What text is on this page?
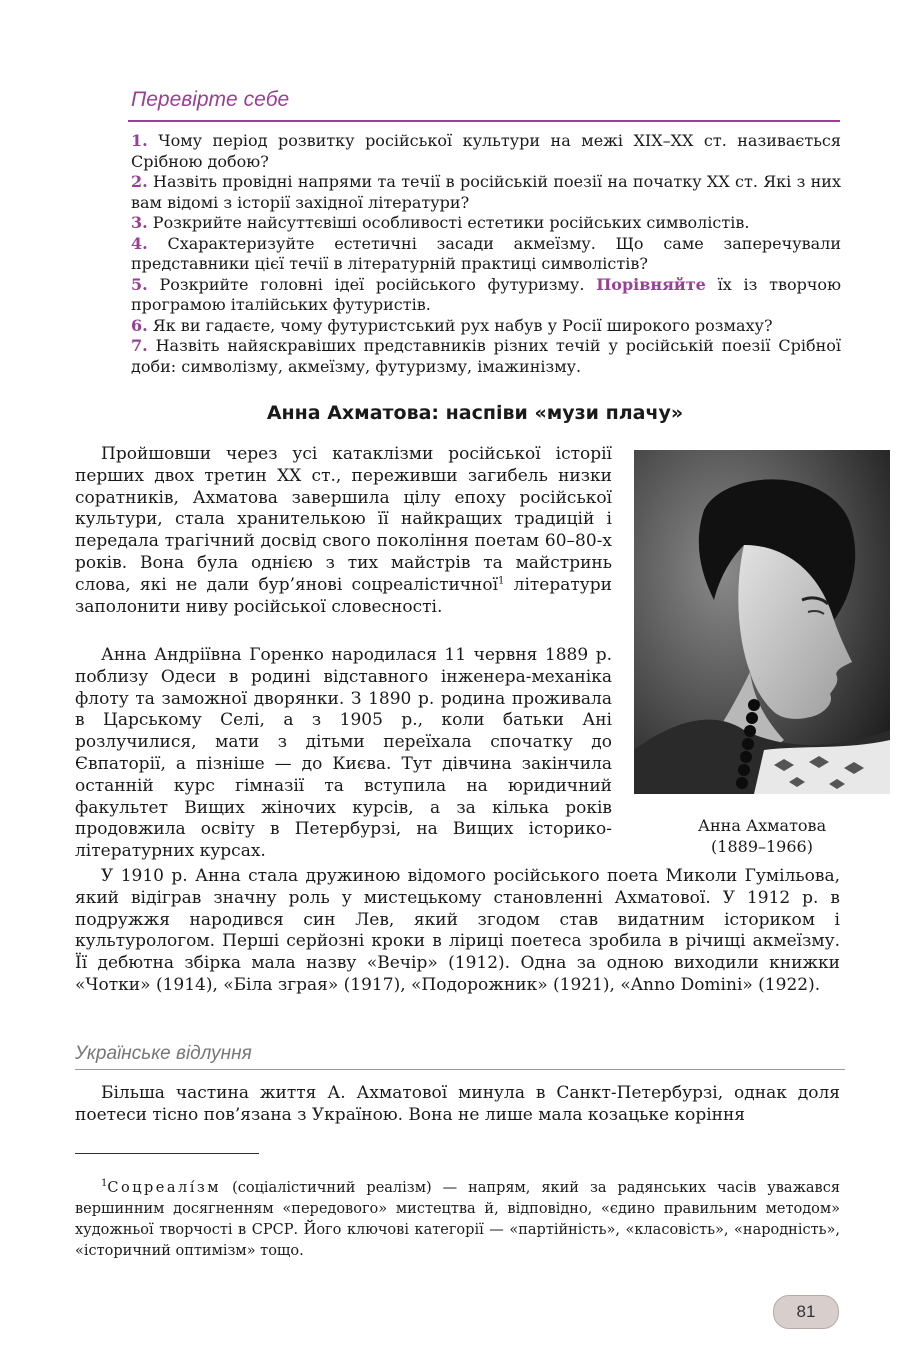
Перевірте себе

1. Чому період розвитку російської культури на межі XIX–XX ст. називається Срібною добою?

2. Назвіть провідні напрями та течії в російській поезії на початку XX ст. Які з них вам відомі з історії західної літератури?

3. Розкрийте найсуттєвіші особливості естетики російських символістів.

4. Схарактеризуйте естетичні засади акмеїзму. Що саме заперечували представники цієї течії в літературній практиці символістів?

5. Розкрийте головні ідеї російського футуризму. Порівняйте їх із творчою програмою італійських футуристів.

6. Як ви гадаєте, чому футуристський рух набув у Росії широкого розмаху?

7. Назвіть найяскравіших представників різних течій у російській поезії Срібної доби: символізму, акмеїзму, футуризму, імажинізму.

Анна Ахматова: наспіви «музи плачу»

Пройшовши через усі катаклізми російської історії перших двох третин XX ст., переживши загибель низки соратників, Ахматова завершила цілу епоху російської культури, стала хранителькою її найкращих традицій і передала трагічний досвід свого покоління поетам 60–80-х років. Вона була однією з тих майстрів та майстринь слова, які не дали бур’янові соцреалістичної$^1$ літератури заполонити ниву російської словесності.

Анна Андріївна Горенко народилася 11 червня 1889 р. поблизу Одеси в родині відставного інженера-механіка флоту та заможної дворянки. З 1890 р. родина проживала в Царському Селі, а з 1905 р., коли батьки Ані розлучилися, мати з дітьми переїхала спочатку до Євпаторії, а пізніше — до Києва. Тут дівчина закінчила останній курс гімназії та вступила на юридичний факультет Вищих жіночих курсів, а за кілька років продовжила освіту в Петербурзі, на Вищих історико-літературних курсах.

Анна Ахматова
(1889–1966)

У 1910 р. Анна стала дружиною відомого російського поета Миколи Гумільова, який відіграв значну роль у мистецькому становленні Ахматової. У 1912 р. в подружжя народився син Лев, який згодом став видатним істориком і культурологом. Перші серйозні кроки в ліриці поетеса зробила в річищі акмеїзму. Її дебютна збірка мала назву «Вечір» (1912). Одна за одною виходили книжки «Чотки» (1914), «Біла зграя» (1917), «Подорожник» (1921), «Anno Domini» (1922).

Українське відлуння

Більша частина життя А. Ахматової минула в Санкт-Петербурзі, однак доля поетеси тісно пов’язана з Україною. Вона не лише мала козацьке коріння

$^1$Соцреалі́зм (соціалістичний реалізм) — напрям, який за радянських часів уважався вершинним досягненням «передового» мистецтва й, відповідно, «єдино правильним методом» художньої творчості в СРСР. Його ключові категорії — «партійність», «класовість», «народність», «історичний оптимізм» тощо.

81
